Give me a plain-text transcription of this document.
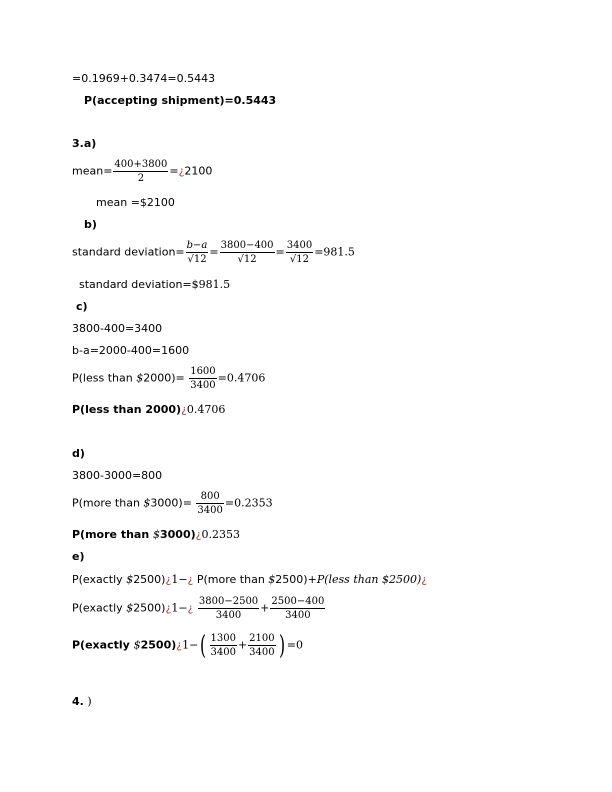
=0.1969+0.3474=0.5443
P(accepting shipment)=0.5443
3.a)
mean= $\frac{400+3800}{2}$ =¿2100
mean =$2100
b)
standard deviation= $\frac{b-a}{√12} = \frac{3800-400}{√12} = \frac{3400}{√12} =981.5$
standard deviation=$981.5
c)
3800-400=3400
b-a=2000-400=1600
P(less than $2000)= $\frac{1600}{3400} =0.4706$
P(less than 2000)¿0.4706
d)
3800-3000=800
P(more than $3000)= $\frac{800}{3400} =0.2353$
P(more than $3000)¿0.2353
e)
P(exactly $2500)¿1−¿ P(more than $2500)+P(less than $2500)¿
P(exactly $2500)¿1−¿ $\frac{3800-2500}{3400} + \frac{2500-400}{3400}$
P(exactly $2500)¿1−( $\frac{1300}{3400} + \frac{2100}{3400}$ ) =0
4. )
